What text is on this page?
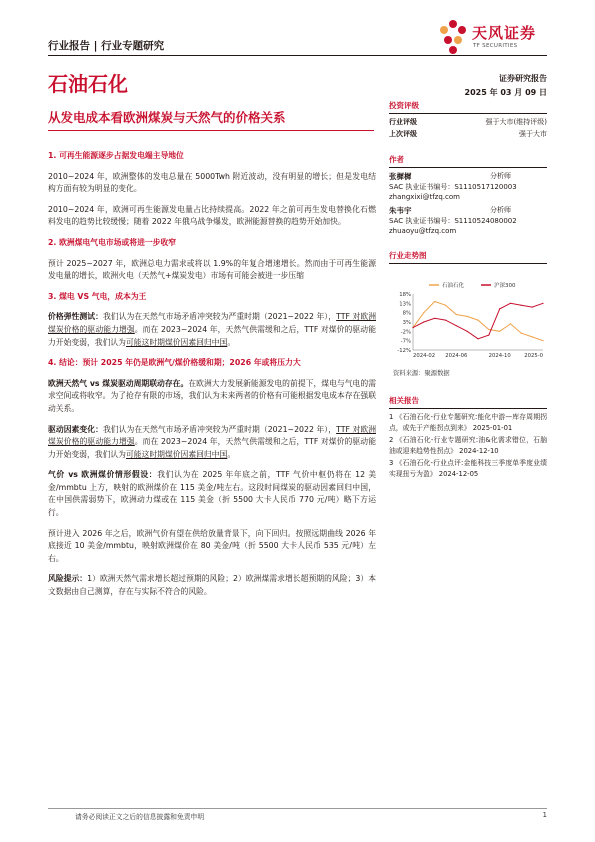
行业报告 | 行业专题研究
天风证券
TF SECURITIES
石油石化	证券研究报告
2025 年 03 月 09 日
从发电成本看欧洲煤炭与天然气的价格关系
1. 可再生能源逐步占据发电端主导地位

2010~2024 年，欧洲整体的发电总量在 5000Twh 附近波动，没有明显的增长；但是发电结构方面有较为明显的变化。

2010~2024 年，欧洲可再生能源发电量占比持续提高。2022 年之前可再生发电替换化石燃料发电的趋势比较缓慢；随着 2022 年俄乌战争爆发，欧洲能源替换的趋势开始加快。

2. 欧洲煤电气电市场或将进一步收窄

预计 2025~2027 年，欧洲总电力需求或将以 1.9%的年复合增速增长。然而由于可再生能源发电量的增长，欧洲火电（天然气+煤炭发电）市场有可能会被进一步压缩

3. 煤电 VS 气电，成本为王

价格弹性测试：我们认为在天然气市场矛盾冲突较为严重时期（2021~2022 年），TTF 对欧洲煤炭价格的驱动能力增强。而在 2023~2024 年，天然气供需缓和之后，TTF 对煤价的驱动能力开始变弱，我们认为可能这时期煤价因素回归中国。

4. 结论：预计 2025 年仍是欧洲气/煤价格缓和期；2026 年或将压力大

欧洲天然气 vs 煤炭驱动周期联动存在。在欧洲大力发展新能源发电的前提下，煤电与气电的需求空间或将收窄。为了抢存有限的市场，我们认为未来两者的价格有可能根据发电成本存在强联动关系。

驱动因素变化：我们认为在天然气市场矛盾冲突较为严重时期（2021~2022 年），TTF 对欧洲煤炭价格的驱动能力增强。而在 2023~2024 年，天然气供需缓和之后，TTF 对煤价的驱动能力开始变弱，我们认为可能这时期煤价因素回归中国。

气价 vs 欧洲煤价情形假设：我们认为在 2025 年年底之前，TTF 气价中枢仍将在 12 美金/mmbtu 上方，映射的欧洲煤价在 115 美金/吨左右。这段时间煤炭的驱动因素回归中国，在中国供需弱势下，欧洲动力煤或在 115 美金（折 5500 大卡人民币 770 元/吨）略下方运行。

预计进入 2026 年之后，欧洲气价有望在供给放量背景下，向下回归。按照远期曲线 2026 年底接近 10 美金/mmbtu，映射欧洲煤价在 80 美金/吨（折 5500 大卡人民币 535 元/吨）左右。

风险提示：1）欧洲天然气需求增长超过预期的风险；2）欧洲煤需求增长超预期的风险；3）本文数据由自己测算，存在与实际不符合的风险。

投资评级
行业评级	强于大市(维持评级)
上次评级	强于大市
作者
张樨樨	分析师
SAC 执业证书编号：S1110517120003
zhangxixi@tfzq.com
朱韦宇	分析师
SAC 执业证书编号：S1110524080002
zhuaoyu@tfzq.com
行业走势图
18%
13%
8%
3%
-2%
-7%
-12%
2024-02 2024-06	2024-10	2025-0
石油石化	沪深300
资料来源：聚源数据
相关报告
1 《石油石化-行业专题研究:能化中游—库存周期拐点，或先于产能拐点到来》 2025-01-01
2 《石油石化-行业专题研究:油&化需求错位，石脑油或迎来趋势性拐点》 2024-12-10
3 《石油石化-行业点评:金能科技三季度单季度业绩实现扭亏为盈》 2024-12-05
请务必阅读正文之后的信息披露和免责申明	1
